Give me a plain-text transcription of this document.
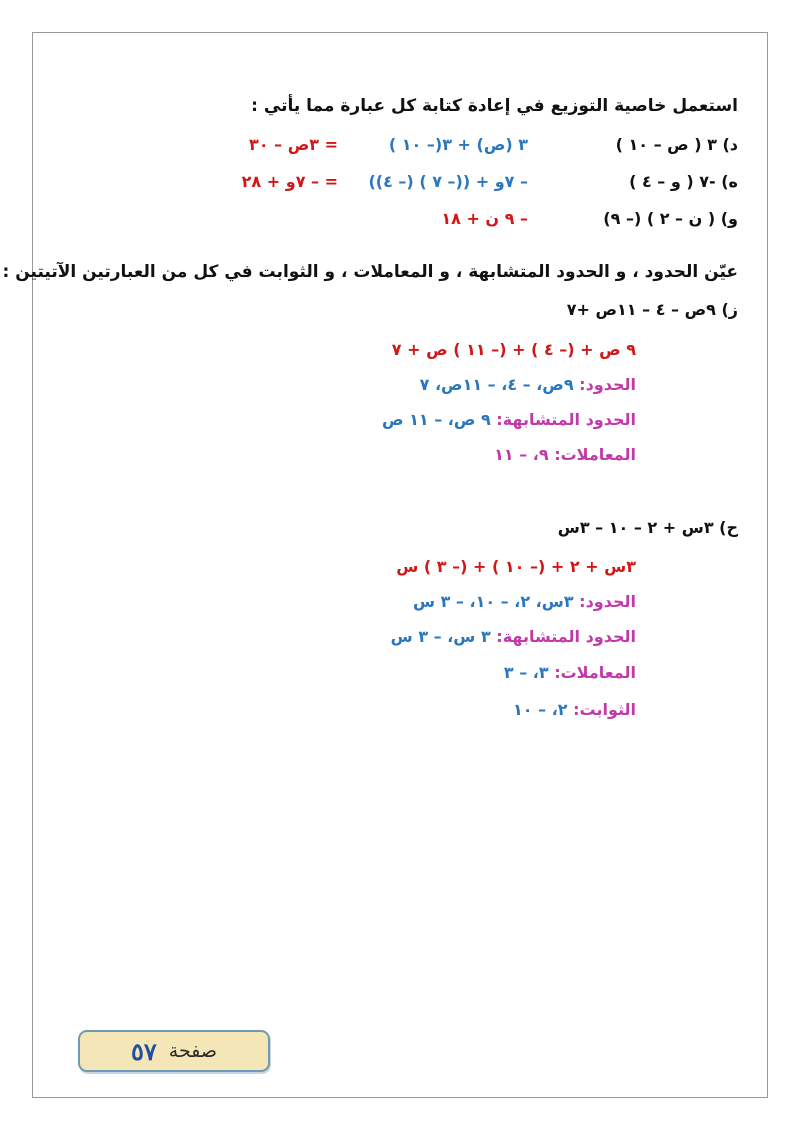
استعمل خاصية التوزيع في إعادة كتابة كل عبارة مما يأتي :
د) ٣ ( ص – ١٠ )
٣ (ص) + ٣(– ١٠ )
= ٣ص – ٣٠
ه) -٧ ( و – ٤ )
– ٧و + ((– ٧ ) (– ٤))
= – ٧و + ٢٨
و) ( ن – ٢ ) (– ٩)
– ٩ ن + ١٨
عيّن الحدود ، و الحدود المتشابهة ، و المعاملات ، و الثوابت في كل من العبارتين الآتيتين :
ز) ٩ص – ٤ – ١١ص +٧
٩ ص + (– ٤ ) + (– ١١ ) ص + ٧
الحدود: ٩ص، – ٤، – ١١ص، ٧
الحدود المتشابهة: ٩ ص، – ١١ ص
المعاملات: ٩، – ١١
ح) ٣س + ٢ – ١٠ – ٣س
٣س + ٢ + (– ١٠ ) + (– ٣ ) س
الحدود: ٣س، ٢، – ١٠، – ٣ س
الحدود المتشابهة: ٣ س، – ٣ س
المعاملات: ٣، – ٣
الثوابت: ٢، – ١٠
صفحة
٥٧
